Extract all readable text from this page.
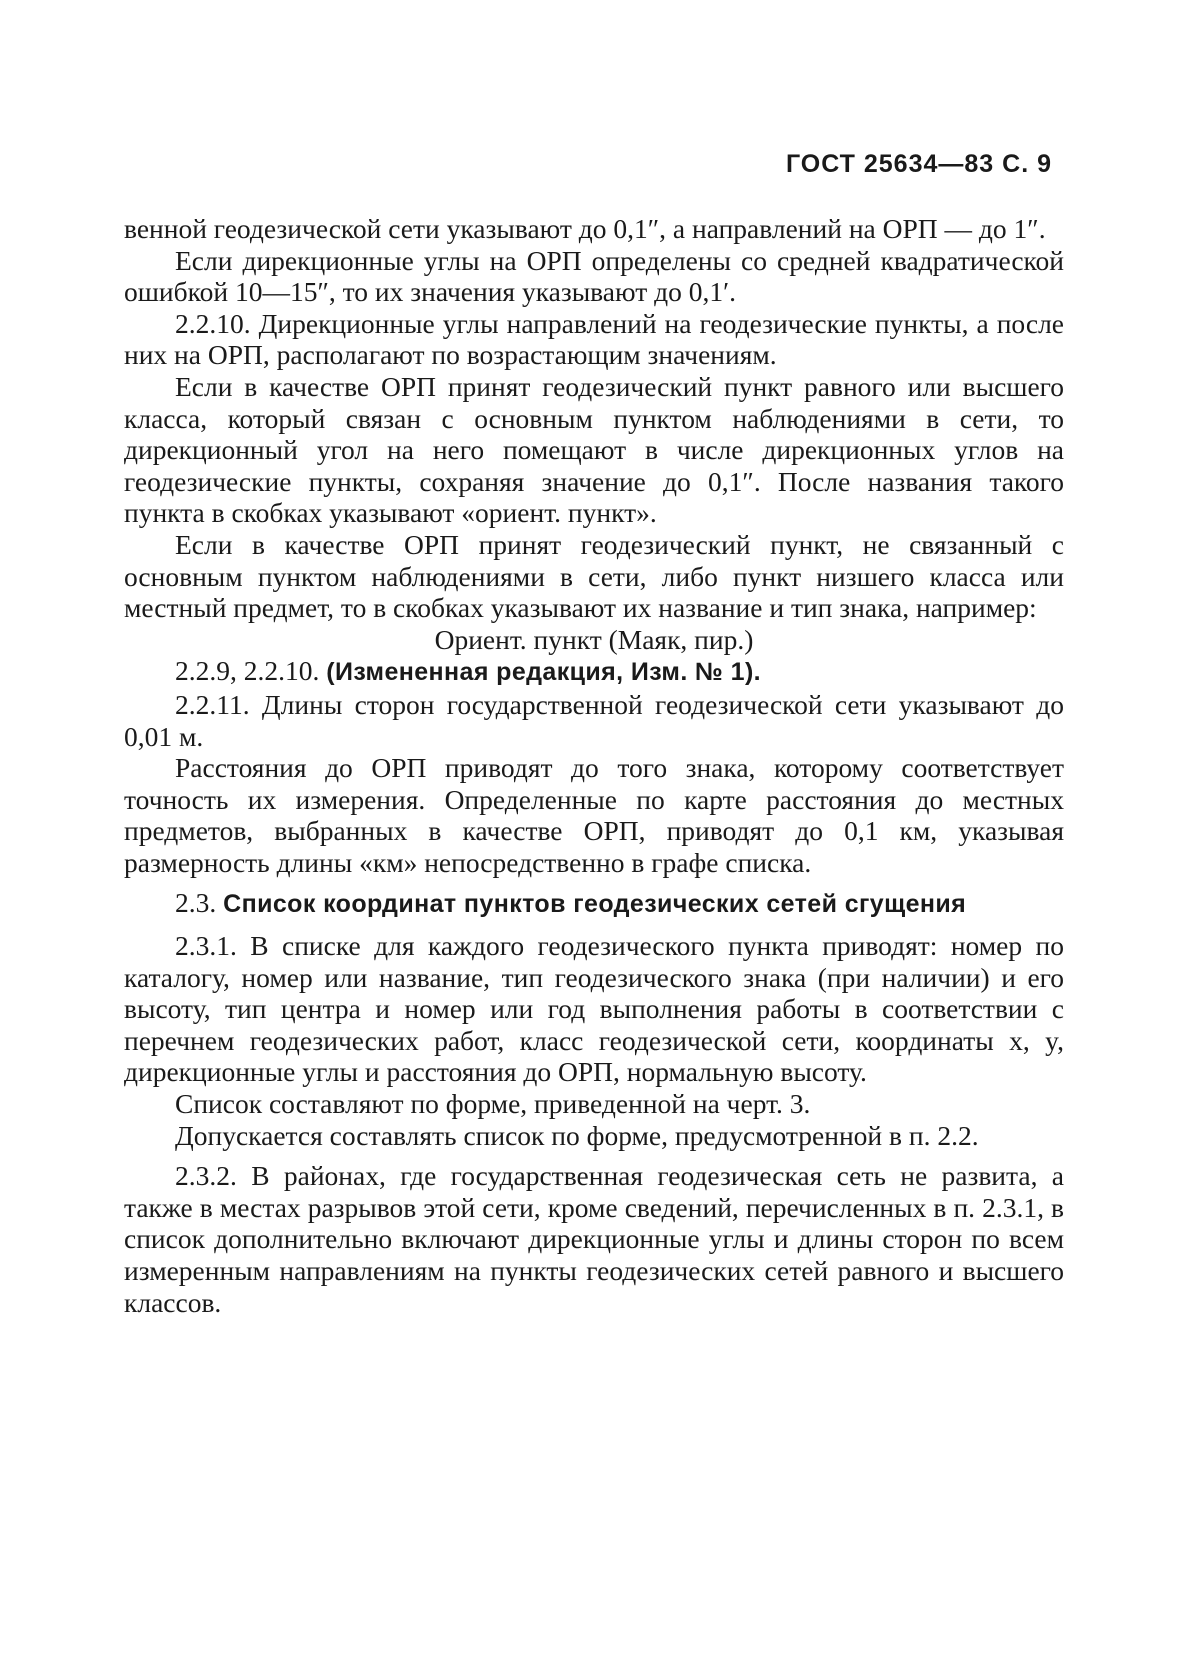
ГОСТ 25634—83 С. 9

венной геодезической сети указывают до 0,1″, а направлений на ОРП — до 1″.

Если дирекционные углы на ОРП определены со средней квадратической ошибкой 10—15″, то их значения указывают до 0,1′.

2.2.10. Дирекционные углы направлений на геодезические пункты, а после них на ОРП, располагают по возрастающим значениям.

Если в качестве ОРП принят геодезический пункт равного или высшего класса, который связан с основным пунктом наблюдениями в сети, то дирекционный угол на него помещают в числе дирекционных углов на геодезические пункты, сохраняя значение до 0,1″. После названия такого пункта в скобках указывают «ориент. пункт».

Если в качестве ОРП принят геодезический пункт, не связанный с основным пунктом наблюдениями в сети, либо пункт низшего класса или местный предмет, то в скобках указывают их название и тип знака, например:

Ориент. пункт (Маяк, пир.)

2.2.9, 2.2.10. (Измененная редакция, Изм. № 1).

2.2.11. Длины сторон государственной геодезической сети указывают до 0,01 м.

Расстояния до ОРП приводят до того знака, которому соответствует точность их измерения. Определенные по карте расстояния до местных предметов, выбранных в качестве ОРП, приводят до 0,1 км, указывая размерность длины «км» непосредственно в графе списка.

2.3. Список координат пунктов геодезических сетей сгущения

2.3.1. В списке для каждого геодезического пункта приводят: номер по каталогу, номер или название, тип геодезического знака (при наличии) и его высоту, тип центра и номер или год выполнения работы в соответствии с перечнем геодезических работ, класс геодезической сети, координаты x, y, дирекционные углы и расстояния до ОРП, нормальную высоту.

Список составляют по форме, приведенной на черт. 3.

Допускается составлять список по форме, предусмотренной в п. 2.2.

2.3.2. В районах, где государственная геодезическая сеть не развита, а также в местах разрывов этой сети, кроме сведений, перечисленных в п. 2.3.1, в список дополнительно включают дирекционные углы и длины сторон по всем измеренным направлениям на пункты геодезических сетей равного и высшего классов.
